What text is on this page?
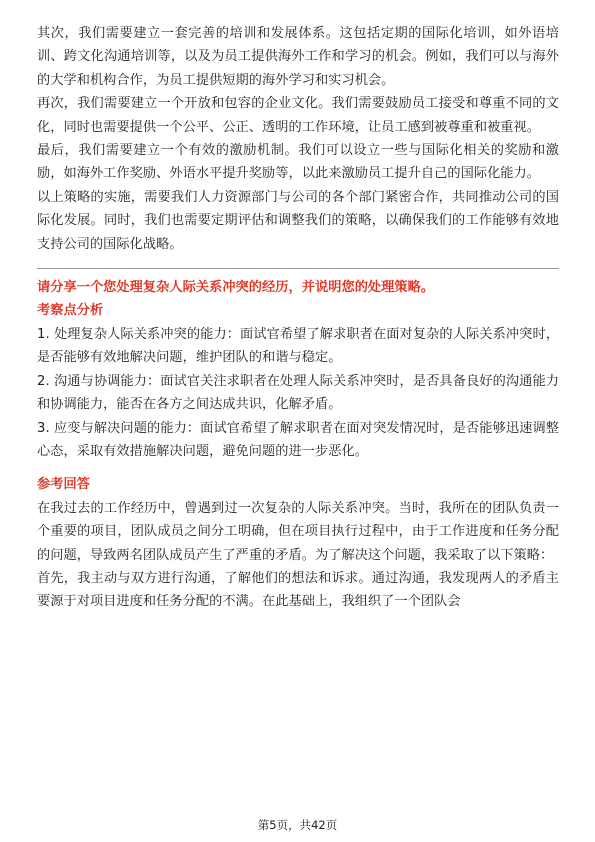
其次，我们需要建立一套完善的培训和发展体系。这包括定期的国际化培训，如外语培训、跨文化沟通培训等，以及为员工提供海外工作和学习的机会。例如，我们可以与海外的大学和机构合作，为员工提供短期的海外学习和实习机会。

再次，我们需要建立一个开放和包容的企业文化。我们需要鼓励员工接受和尊重不同的文化，同时也需要提供一个公平、公正、透明的工作环境，让员工感到被尊重和被重视。

最后，我们需要建立一个有效的激励机制。我们可以设立一些与国际化相关的奖励和激励，如海外工作奖励、外语水平提升奖励等，以此来激励员工提升自己的国际化能力。

以上策略的实施，需要我们人力资源部门与公司的各个部门紧密合作，共同推动公司的国际化发展。同时，我们也需要定期评估和调整我们的策略，以确保我们的工作能够有效地支持公司的国际化战略。

请分享一个您处理复杂人际关系冲突的经历，并说明您的处理策略。

考察点分析

1. 处理复杂人际关系冲突的能力：面试官希望了解求职者在面对复杂的人际关系冲突时，是否能够有效地解决问题，维护团队的和谐与稳定。

2. 沟通与协调能力：面试官关注求职者在处理人际关系冲突时，是否具备良好的沟通能力和协调能力，能否在各方之间达成共识，化解矛盾。

3. 应变与解决问题的能力：面试官希望了解求职者在面对突发情况时，是否能够迅速调整心态，采取有效措施解决问题，避免问题的进一步恶化。

参考回答

在我过去的工作经历中，曾遇到过一次复杂的人际关系冲突。当时，我所在的团队负责一个重要的项目，团队成员之间分工明确，但在项目执行过程中，由于工作进度和任务分配的问题，导致两名团队成员产生了严重的矛盾。为了解决这个问题，我采取了以下策略：

首先，我主动与双方进行沟通，了解他们的想法和诉求。通过沟通，我发现两人的矛盾主要源于对项目进度和任务分配的不满。在此基础上，我组织了一个团队会

第5页，共42页
